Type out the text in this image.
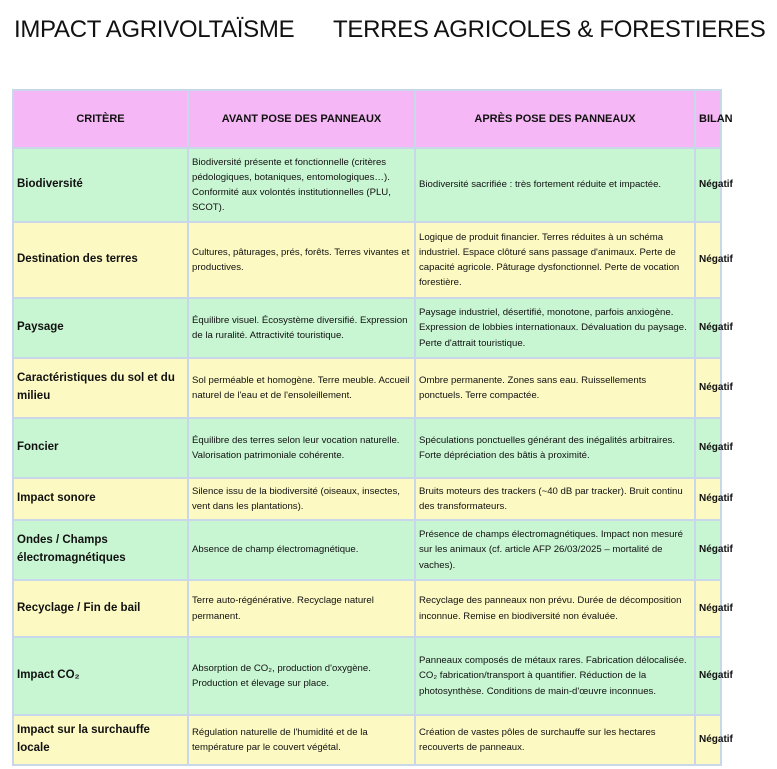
IMPACT AGRIVOLTAÏSME TERRES AGRICOLES & FORESTIERES
CRITÈRE	AVANT POSE DES PANNEAUX	APRÈS POSE DES PANNEAUX	BILAN
Biodiversité	Biodiversité présente et fonctionnelle (critères pédologiques, botaniques, entomologiques…). Conformité aux volontés institutionnelles (PLU, SCOT).	Biodiversité sacrifiée : très fortement réduite et impactée.	Négatif
Destination des terres	Cultures, pâturages, prés, forêts. Terres vivantes et productives.	Logique de produit financier. Terres réduites à un schéma industriel. Espace clôturé sans passage d'animaux. Perte de capacité agricole. Pâturage dysfonctionnel. Perte de vocation forestière.	Négatif
Paysage	Équilibre visuel. Écosystème diversifié. Expression de la ruralité. Attractivité touristique.	Paysage industriel, désertifié, monotone, parfois anxiogène. Expression de lobbies internationaux. Dévaluation du paysage. Perte d'attrait touristique.	Négatif
Caractéristiques du sol et du milieu	Sol perméable et homogène. Terre meuble. Accueil naturel de l'eau et de l'ensoleillement.	Ombre permanente. Zones sans eau. Ruissellements ponctuels. Terre compactée.	Négatif
Foncier	Équilibre des terres selon leur vocation naturelle. Valorisation patrimoniale cohérente.	Spéculations ponctuelles générant des inégalités arbitraires. Forte dépréciation des bâtis à proximité.	Négatif
Impact sonore	Silence issu de la biodiversité (oiseaux, insectes, vent dans les plantations).	Bruits moteurs des trackers (~40 dB par tracker). Bruit continu des transformateurs.	Négatif
Ondes / Champs électromagnétiques	Absence de champ électromagnétique.	Présence de champs électromagnétiques. Impact non mesuré sur les animaux (cf. article AFP 26/03/2025 – mortalité de vaches).	Négatif
Recyclage / Fin de bail	Terre auto-régénérative. Recyclage naturel permanent.	Recyclage des panneaux non prévu. Durée de décomposition inconnue. Remise en biodiversité non évaluée.	Négatif
Impact CO₂	Absorption de CO₂, production d'oxygène. Production et élevage sur place.	Panneaux composés de métaux rares. Fabrication délocalisée. CO₂ fabrication/transport à quantifier. Réduction de la photosynthèse. Conditions de main-d'œuvre inconnues.	Négatif
Impact sur la surchauffe locale	Régulation naturelle de l'humidité et de la température par le couvert végétal.	Création de vastes pôles de surchauffe sur les hectares recouverts de panneaux.	Négatif
